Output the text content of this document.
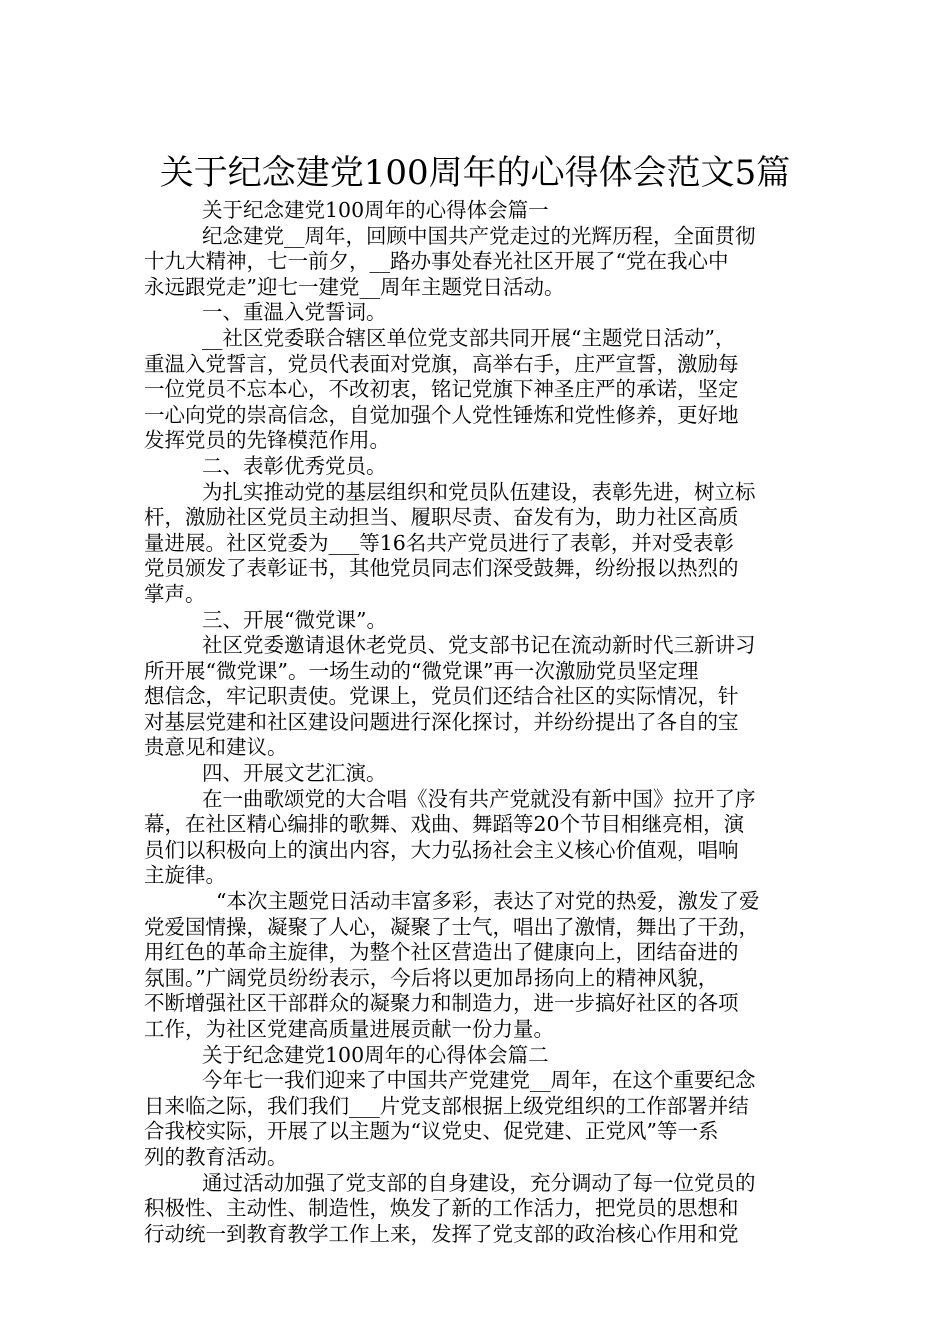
关于纪念建党100周年的心得体会范文5篇
关于纪念建党100周年的心得体会篇一
纪念建党__周年，回顾中国共产党走过的光辉历程，全面贯彻
十九大精神，七一前夕，__路办事处春光社区开展了“党在我心中
永远跟党走”迎七一建党__周年主题党日活动。
一、重温入党誓词。
__社区党委联合辖区单位党支部共同开展“主题党日活动”，
重温入党誓言，党员代表面对党旗，高举右手，庄严宣誓，激励每
一位党员不忘本心，不改初衷，铭记党旗下神圣庄严的承诺，坚定
一心向党的崇高信念，自觉加强个人党性锤炼和党性修养，更好地
发挥党员的先锋模范作用。
二、表彰优秀党员。
为扎实推动党的基层组织和党员队伍建设，表彰先进，树立标
杆，激励社区党员主动担当、履职尽责、奋发有为，助力社区高质
量进展。社区党委为___等16名共产党员进行了表彰，并对受表彰
党员颁发了表彰证书，其他党员同志们深受鼓舞，纷纷报以热烈的
掌声。
三、开展“微党课”。
社区党委邀请退休老党员、党支部书记在流动新时代三新讲习
所开展“微党课”。一场生动的“微党课”再一次激励党员坚定理
想信念，牢记职责使。党课上，党员们还结合社区的实际情况，针
对基层党建和社区建设问题进行深化探讨，并纷纷提出了各自的宝
贵意见和建议。
四、开展文艺汇演。
在一曲歌颂党的大合唱《没有共产党就没有新中国》拉开了序
幕，在社区精心编排的歌舞、戏曲、舞蹈等20个节目相继亮相，演
员们以积极向上的演出内容，大力弘扬社会主义核心价值观，唱响
主旋律。
“本次主题党日活动丰富多彩，表达了对党的热爱，激发了爱
党爱国情操，凝聚了人心，凝聚了士气，唱出了激情，舞出了干劲，
用红色的革命主旋律，为整个社区营造出了健康向上，团结奋进的
氛围。”广阔党员纷纷表示，今后将以更加昂扬向上的精神风貌，
不断增强社区干部群众的凝聚力和制造力，进一步搞好社区的各项
工作，为社区党建高质量进展贡献一份力量。
关于纪念建党100周年的心得体会篇二
今年七一我们迎来了中国共产党建党__周年，在这个重要纪念
日来临之际，我们我们___片党支部根据上级党组织的工作部署并结
合我校实际，开展了以主题为“议党史、促党建、正党风”等一系
列的教育活动。
通过活动加强了党支部的自身建设，充分调动了每一位党员的
积极性、主动性、制造性，焕发了新的工作活力，把党员的思想和
行动统一到教育教学工作上来，发挥了党支部的政治核心作用和党
